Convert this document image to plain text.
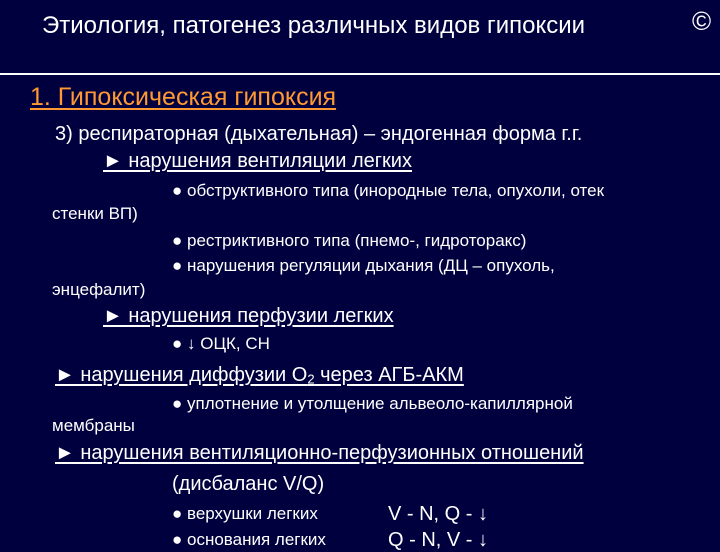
Этиология, патогенез различных видов гипоксии	©
1. Гипоксическая гипоксия
3) респираторная (дыхательная) – эндогенная форма г.г.
► нарушения вентиляции легких
● обструктивного типа (инородные тела, опухоли, отек
стенки ВП)
● рестриктивного типа (пнемо-, гидроторакс)
● нарушения регуляции дыхания (ДЦ – опухоль,
энцефалит)
► нарушения перфузии легких
● ↓ ОЦК, СН
► нарушения диффузии $О_2$ через АГБ-АКМ
● уплотнение и утолщение альвеоло-капиллярной
мембраны
► нарушения вентиляционно-перфузионных отношений
(дисбаланс V/Q)
● верхушки легких	V - N, Q - ↓
● основания легких	Q - N, V - ↓
